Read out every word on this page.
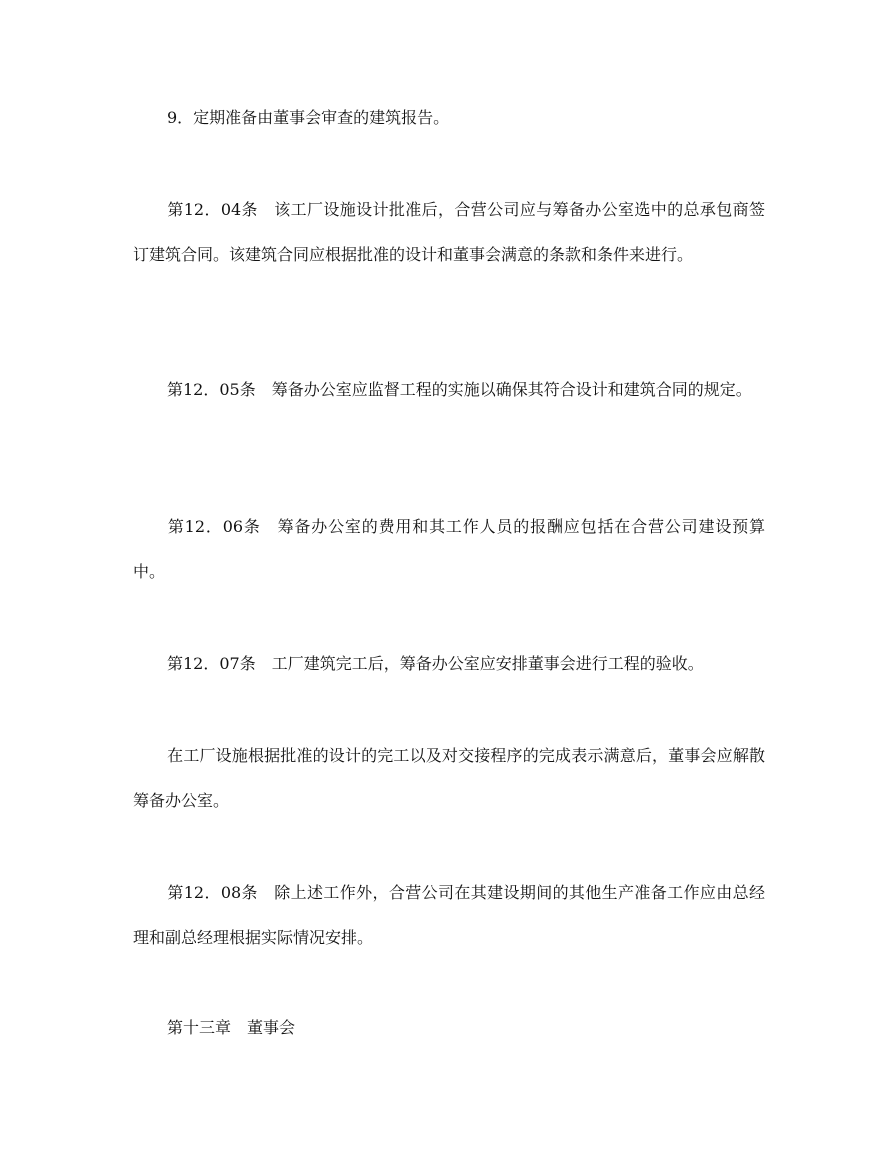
9．定期准备由董事会审查的建筑报告。

第12．04条　该工厂设施设计批准后，合营公司应与筹备办公室选中的总承包商签订建筑合同。该建筑合同应根据批准的设计和董事会满意的条款和条件来进行。

第12．05条　筹备办公室应监督工程的实施以确保其符合设计和建筑合同的规定。

第12．06条　筹备办公室的费用和其工作人员的报酬应包括在合营公司建设预算中。

第12．07条　工厂建筑完工后，筹备办公室应安排董事会进行工程的验收。

在工厂设施根据批准的设计的完工以及对交接程序的完成表示满意后，董事会应解散筹备办公室。

第12．08条　除上述工作外，合营公司在其建设期间的其他生产准备工作应由总经理和副总经理根据实际情况安排。

第十三章　董事会
